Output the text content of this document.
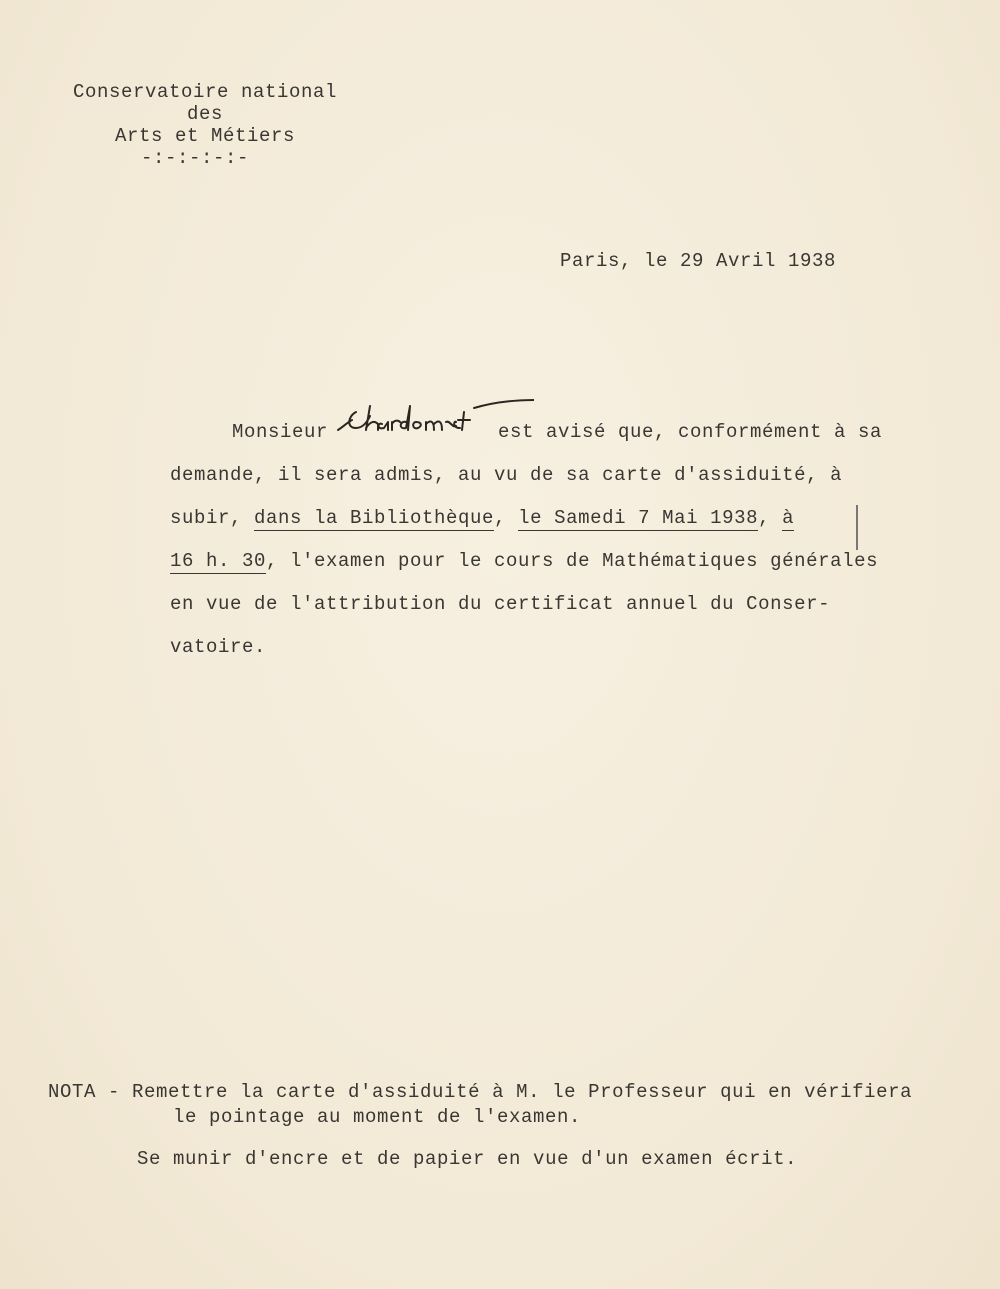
Conservatoire national
des
Arts et Métiers
-:-:-:-:-
Paris, le 29 Avril 1938
Monsieur	est avisé que, conformément à sa
demande, il sera admis, au vu de sa carte d'assiduité, à
subir, dans la Bibliothèque, le Samedi 7 Mai 1938, à
16 h. 30, l'examen pour le cours de Mathématiques générales
en vue de l'attribution du certificat annuel du Conser-
vatoire.
NOTA - Remettre la carte d'assiduité à M. le Professeur qui en vérifiera
le pointage au moment de l'examen.
Se munir d'encre et de papier en vue d'un examen écrit.
